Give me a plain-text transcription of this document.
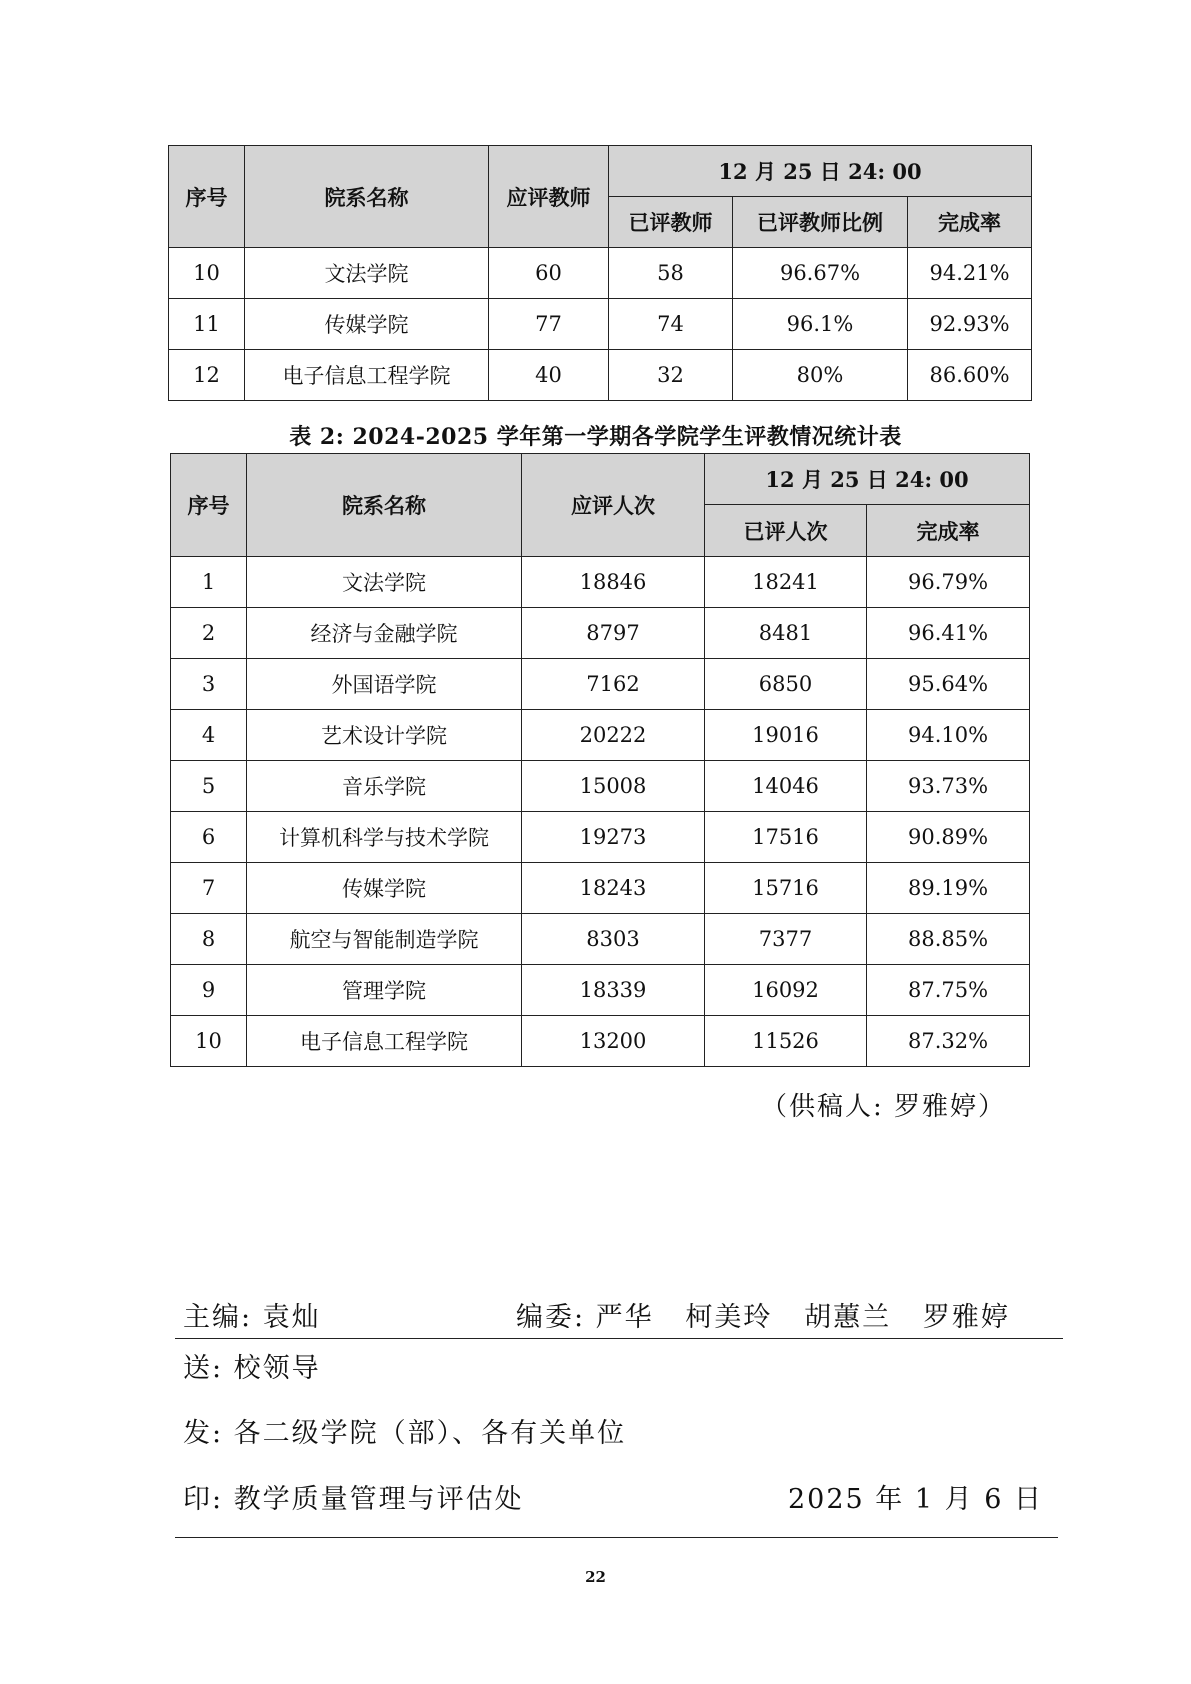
序号	院系名称	应评教师	12 月 25 日 24: 00		
			已评教师	已评教师比例	完成率
10	文法学院	60	58	96.67%	94.21%
11	传媒学院	77	74	96.1%	92.93%
12	电子信息工程学院	40	32	80%	86.60%
表 2: 2024-2025 学年第一学期各学院学生评教情况统计表
序号	院系名称	应评人次	12 月 25 日 24: 00	
			已评人次	完成率
1	文法学院	18846	18241	96.79%
2	经济与金融学院	8797	8481	96.41%
3	外国语学院	7162	6850	95.64%
4	艺术设计学院	20222	19016	94.10%
5	音乐学院	15008	14046	93.73%
6	计算机科学与技术学院	19273	17516	90.89%
7	传媒学院	18243	15716	89.19%
8	航空与智能制造学院	8303	7377	88.85%
9	管理学院	18339	16092	87.75%
10	电子信息工程学院	13200	11526	87.32%
（供稿人: 罗雅婷）
主编: 袁灿	编委: 严华   柯美玲   胡蕙兰   罗雅婷
送: 校领导
发: 各二级学院（部）、各有关单位
印: 教学质量管理与评估处	2025 年 1 月 6 日
22
